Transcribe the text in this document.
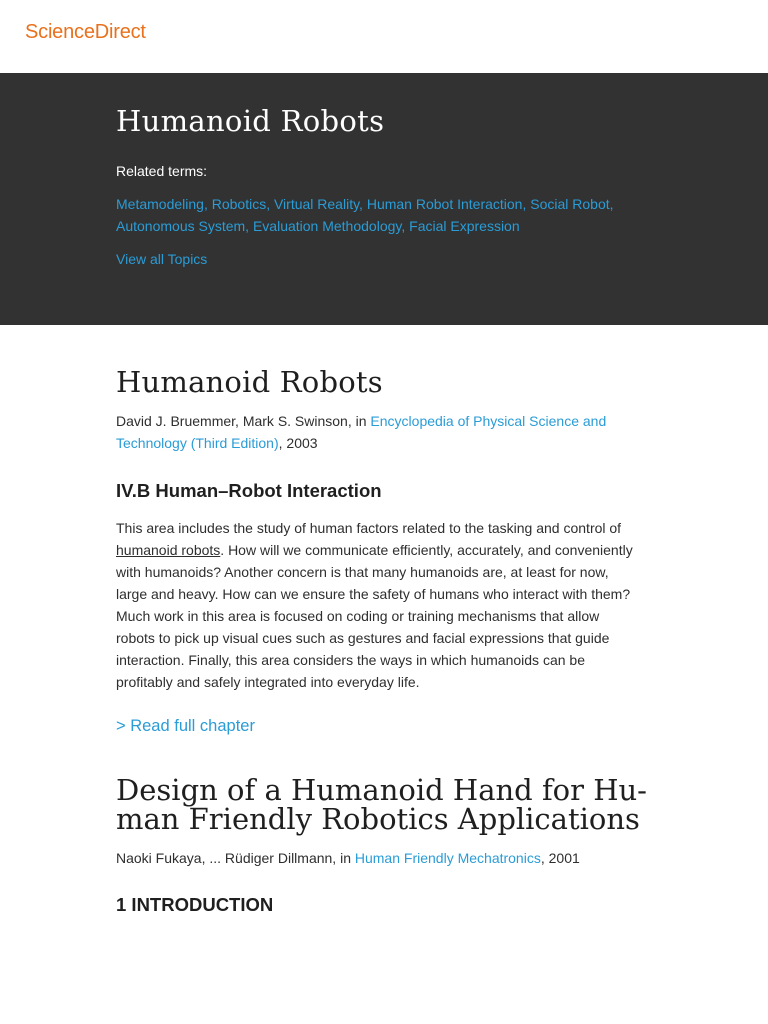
ScienceDirect
Humanoid Robots
Related terms:
Metamodeling, Robotics, Virtual Reality, Human Robot Interaction, Social Robot, Autonomous System, Evaluation Methodology, Facial Expression
View all Topics
Humanoid Robots
David J. Bruemmer, Mark S. Swinson, in Encyclopedia of Physical Science and Technology (Third Edition), 2003
IV.B Human–Robot Interaction

This area includes the study of human factors related to the tasking and control of humanoid robots. How will we communicate efficiently, accurately, and conveniently with humanoids? Another concern is that many humanoids are, at least for now, large and heavy. How can we ensure the safety of humans who interact with them? Much work in this area is focused on coding or training mechanisms that allow robots to pick up visual cues such as gestures and facial expressions that guide interaction. Finally, this area considers the ways in which humanoids can be profitably and safely integrated into everyday life.

> Read full chapter
Design of a Humanoid Hand for Hu-
man Friendly Robotics Applications
Naoki Fukaya, ... Rüdiger Dillmann, in Human Friendly Mechatronics, 2001
1 INTRODUCTION
